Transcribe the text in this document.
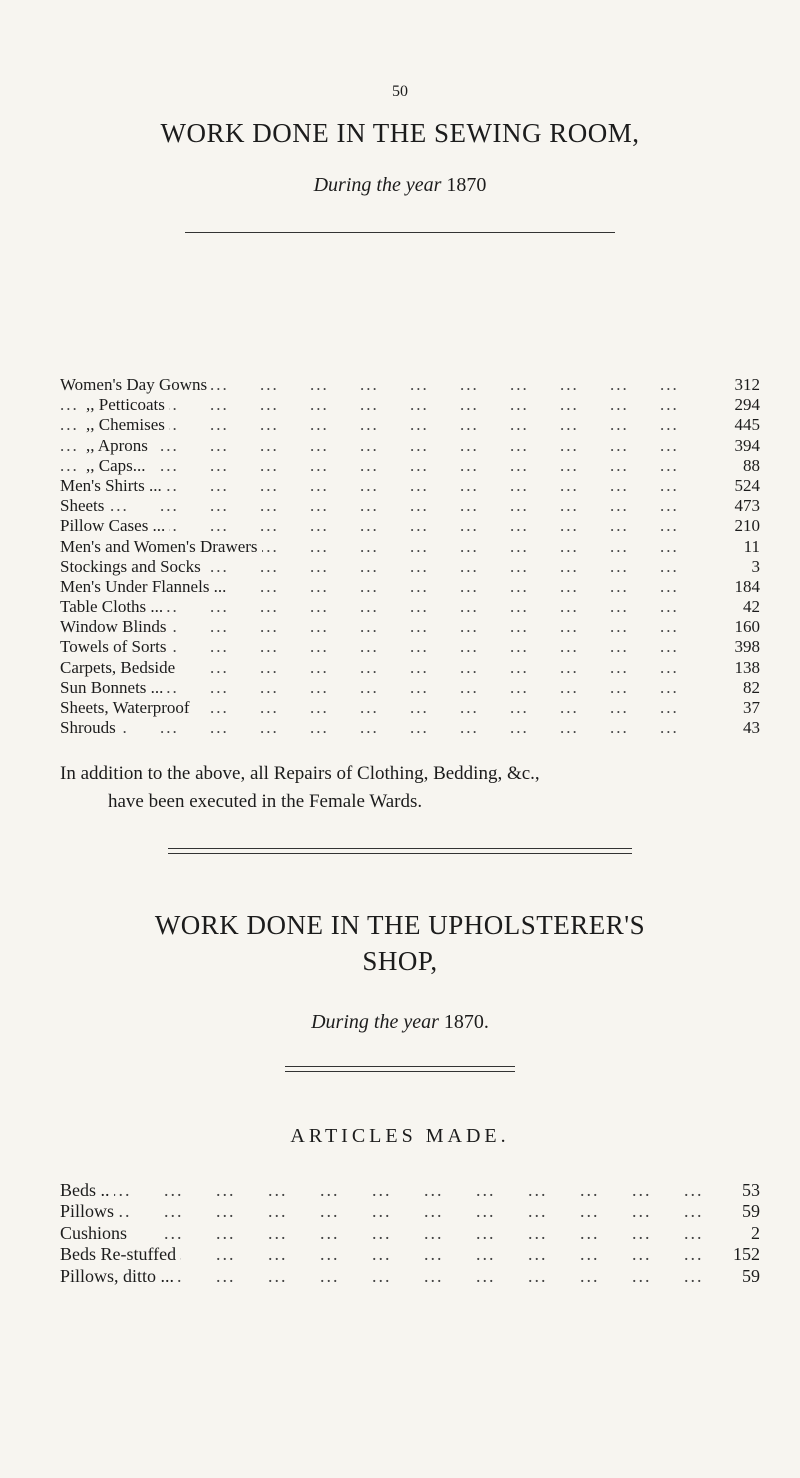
50
WORK DONE IN THE SEWING ROOM,
During the year 1870
...
Women's Day Gowns	312
...
,, Petticoats	294
...
,, Chemises	445
...
,, Aprons	394
...
,, Caps...	88
...
Men's Shirts ...	524
...
Sheets	473
...
Pillow Cases ...	210
...
Men's and Women's Drawers	11
...
Stockings and Socks	3
...
Men's Under Flannels ...	184
...
Table Cloths ...	42
...
Window Blinds	160
...
Towels of Sorts	398
...
Carpets, Bedside	138
...
Sun Bonnets ...	82
...
Sheets, Waterproof	37
...
Shrouds	43
In addition to the above, all Repairs of Clothing, Bedding, &c.,
have been executed in the Female Wards.
WORK DONE IN THE UPHOLSTERER'S
SHOP,
During the year 1870.
ARTICLES MADE.
...
Beds ..	53
...
Pillows	59
...
Cushions	2
...
Beds Re-stuffed	152
...
Pillows, ditto ...	59
